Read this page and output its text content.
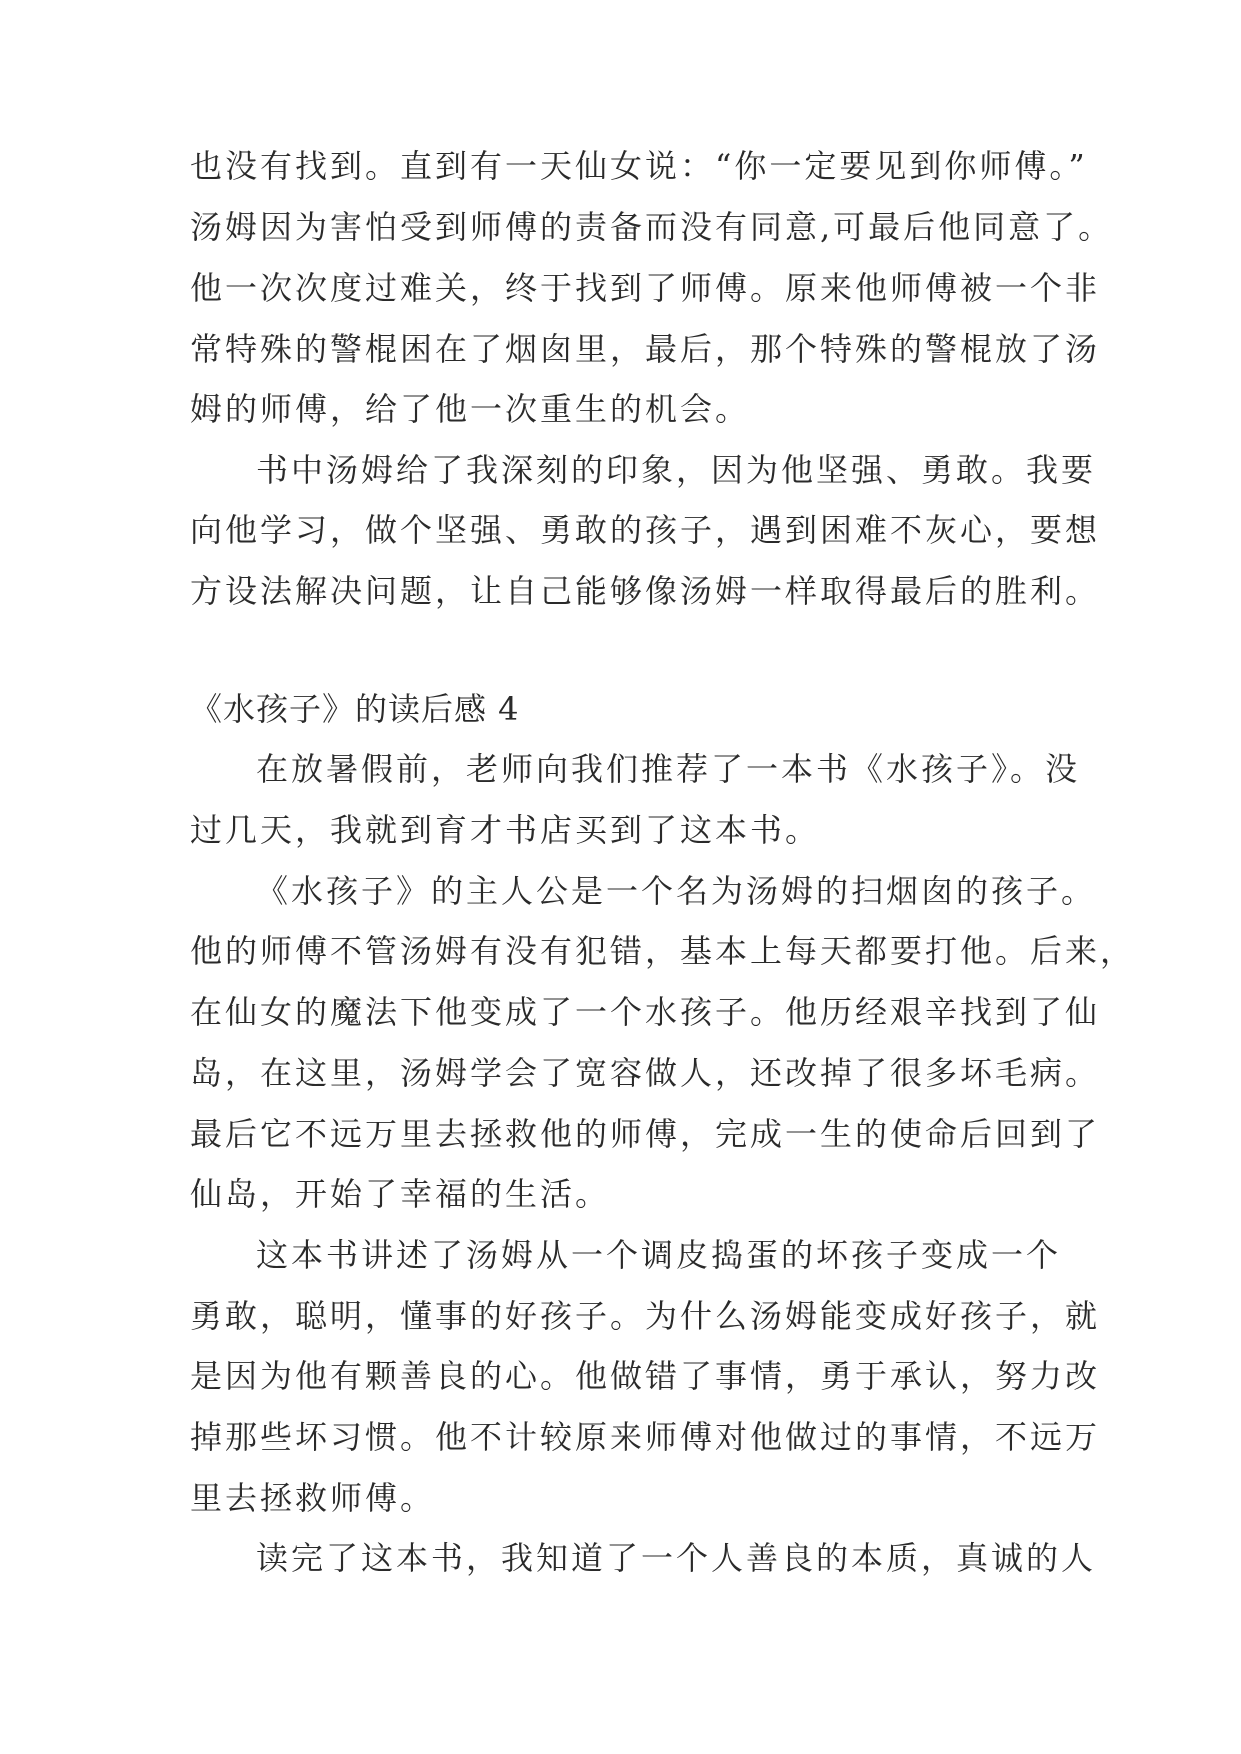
也没有找到。直到有一天仙女说：“你一定要见到你师傅。”
汤姆因为害怕受到师傅的责备而没有同意,可最后他同意了。
他一次次度过难关，终于找到了师傅。原来他师傅被一个非
常特殊的警棍困在了烟囱里，最后，那个特殊的警棍放了汤
姆的师傅，给了他一次重生的机会。
书中汤姆给了我深刻的印象，因为他坚强、勇敢。我要
向他学习，做个坚强、勇敢的孩子，遇到困难不灰心，要想
方设法解决问题，让自己能够像汤姆一样取得最后的胜利。
《水孩子》的读后感 4
在放暑假前，老师向我们推荐了一本书《水孩子》。没
过几天，我就到育才书店买到了这本书。
《水孩子》的主人公是一个名为汤姆的扫烟囱的孩子。
他的师傅不管汤姆有没有犯错，基本上每天都要打他。后来，
在仙女的魔法下他变成了一个水孩子。他历经艰辛找到了仙
岛，在这里，汤姆学会了宽容做人，还改掉了很多坏毛病。
最后它不远万里去拯救他的师傅，完成一生的使命后回到了
仙岛，开始了幸福的生活。
这本书讲述了汤姆从一个调皮捣蛋的坏孩子变成一个
勇敢，聪明，懂事的好孩子。为什么汤姆能变成好孩子，就
是因为他有颗善良的心。他做错了事情，勇于承认，努力改
掉那些坏习惯。他不计较原来师傅对他做过的事情，不远万
里去拯救师傅。
读完了这本书，我知道了一个人善良的本质，真诚的人
